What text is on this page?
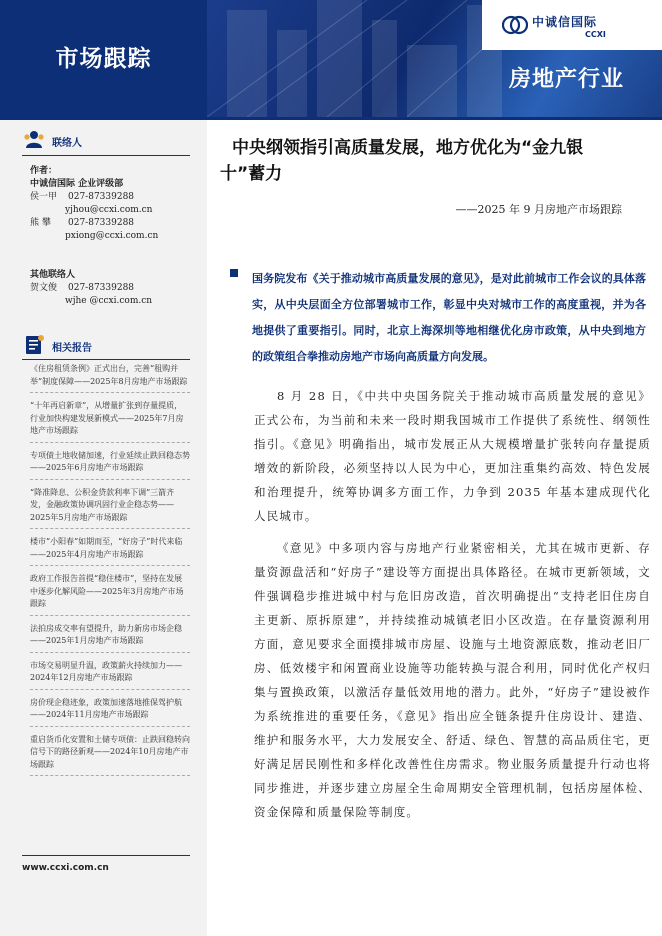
市场跟踪
中诚信国际
CCXI
房地产行业
联络人
作者：
中诚信国际 企业评级部
侯一甲 027-87339288
yjhou@ccxi.com.cn
熊 攀 027-87339288
pxiong@ccxi.com.cn
其他联络人
贺文俊 027-87339288
wjhe @ccxi.com.cn
相关报告
《住房租赁条例》正式出台，完善“租购并举”制度保障——2025年8月房地产市场跟踪
“十年再启新章”，从增量扩张到存量提质，行业加快构建发展新模式——2025年7月房地产市场跟踪
专项债土地收储加速，行业延续止跌回稳态势——2025年6月房地产市场跟踪
“降准降息、公积金贷款利率下调”三箭齐发，金融政策协调巩固行业企稳态势——2025年5月房地产市场跟踪
楼市“小阳春”如期而至，“好房子”时代来临——2025年4月房地产市场跟踪
政府工作报告首提“稳住楼市”，坚持在发展中逐步化解风险——2025年3月房地产市场跟踪
法拍房成交率有望提升，助力新房市场企稳——2025年1月房地产市场跟踪
市场交易明显升温，政策薪火持续加力——2024年12月房地产市场跟踪
房价现企稳迹象，政策加速落地推保驾护航——2024年11月房地产市场跟踪
重启货币化安置和土储专项债：止跌回稳转向信号下的路径新观——2024年10月房地产市场跟踪
www.ccxi.com.cn
中央纲领指引高质量发展，地方优化为“金九银
十”蓄力
——2025 年 9 月房地产市场跟踪
国务院发布《关于推动城市高质量发展的意见》，是对此前城市工作会议的具体落实，从中央层面全方位部署城市工作，彰显中央对城市工作的高度重视，并为各地提供了重要指引。同时，北京上海深圳等地相继优化房市政策，从中央到地方的政策组合拳推动房地产市场向高质量方向发展。

8 月 28 日，《中共中央国务院关于推动城市高质量发展的意见》正式公布，为当前和未来一段时期我国城市工作提供了系统性、纲领性指引。《意见》明确指出，城市发展正从大规模增量扩张转向存量提质增效的新阶段，必须坚持以人民为中心，更加注重集约高效、特色发展和治理提升，统筹协调多方面工作，力争到 2035 年基本建成现代化人民城市。

《意见》中多项内容与房地产行业紧密相关，尤其在城市更新、存量资源盘活和“好房子”建设等方面提出具体路径。在城市更新领域，文件强调稳步推进城中村与危旧房改造，首次明确提出“支持老旧住房自主更新、原拆原建”，并持续推动城镇老旧小区改造。在存量资源利用方面，意见要求全面摸排城市房屋、设施与土地资源底数，推动老旧厂房、低效楼宇和闲置商业设施等功能转换与混合利用，同时优化产权归集与置换政策，以激活存量低效用地的潜力。此外，“好房子”建设被作为系统推进的重要任务，《意见》指出应全链条提升住房设计、建造、维护和服务水平，大力发展安全、舒适、绿色、智慧的高品质住宅，更好满足居民刚性和多样化改善性住房需求。物业服务质量提升行动也将同步推进，并逐步建立房屋全生命周期安全管理机制，包括房屋体检、资金保障和质量保险等制度。
